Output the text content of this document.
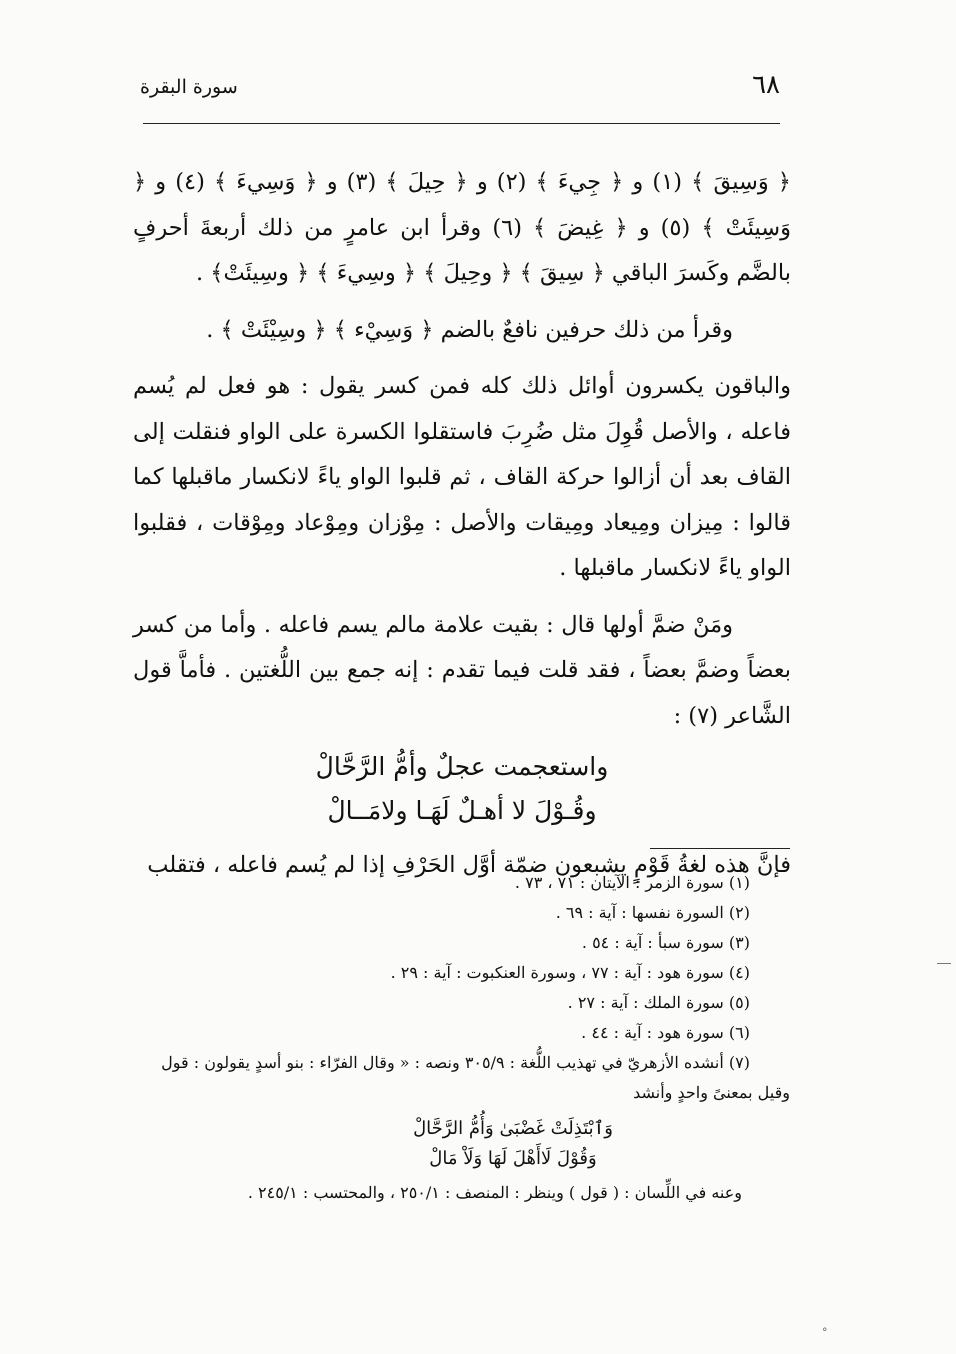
٦٨
سورة البقرة

﴿ وَسِيقَ ﴾ (١) و ﴿ جِيءَ ﴾ (٢) و ﴿ حِيلَ ﴾ (٣) و ﴿ وَسِيءَ ﴾ (٤) و ﴿ وَسِيئَتْ ﴾ (٥) و ﴿ غِيضَ ﴾ (٦) وقرأ ابن عامرٍ من ذلك أربعةَ أحرفٍ بالضَّم وكَسرَ الباقي ﴿ سِيقَ ﴾ ﴿ وحِيلَ ﴾ ﴿ وسِيءَ ﴾ ﴿ وسِيئَتْ﴾ .

وقرأ من ذلك حرفين نافعٌ بالضم ﴿ وَسِيْء ﴾ ﴿ وسِيْئَتْ ﴾ .

والباقون يكسرون أوائل ذلك كله فمن كسر يقول : هو فعل لم يُسم فاعله ، والأصل قُوِلَ مثل ضُرِبَ فاستقلوا الكسرة على الواو فنقلت إلى القاف بعد أن أزالوا حركة القاف ، ثم قلبوا الواو ياءً لانكسار ماقبلها كما قالوا : مِيزان ومِيعاد ومِيقات والأصل : مِوْزان ومِوْعاد ومِوْقات ، فقلبوا الواو ياءً لانكسار ماقبلها .

ومَنْ ضمَّ أولها قال : بقيت علامة مالم يسم فاعله . وأما من كسر بعضاً وضمَّ بعضاً ، فقد قلت فيما تقدم : إنه جمع بين اللُّغتين . فأماَّ قول الشَّاعر (٧) :

واستعجمت عجلٌ وأمُّ الرَّحَّالْ
وقُـوْلَ لا أهـلٌ لَهَـا ولامَــالْ

فإنَّ هذه لغةُ قَوْمٍ يشبعون ضمّة أوَّل الحَرْفِ إذا لم يُسم فاعله ، فتقلب

(١) سورة الزمر : الآيتان : ٧١ ، ٧٣ .

(٢) السورة نفسها : آية : ٦٩ .

(٣) سورة سبأ : آية : ٥٤ .

(٤) سورة هود : آية : ٧٧ ، وسورة العنكبوت : آية : ٢٩ .

(٥) سورة الملك : آية : ٢٧ .

(٦) سورة هود : آية : ٤٤ .

(٧) أنشده الأزهريّ في تهذيب اللُّغة : ٣٠٥/٩ ونصه : « وقال الفرّاء : بنو أسدٍ يقولون : قول

وقيل بمعنىً واحدٍ وأنشد

وَٱبْتَذِلَتْ غَضْبَىٰ وَأُمُّ الرَّحَّالْ
وَقُوْلَ لَاأَهْلَ لَهَا وَلَاْ مَالْ

وعنه في اللِّسان : ( قول ) وينظر : المنصف : ٢٥٠/١ ، والمحتسب : ٢٤٥/١ .

°
